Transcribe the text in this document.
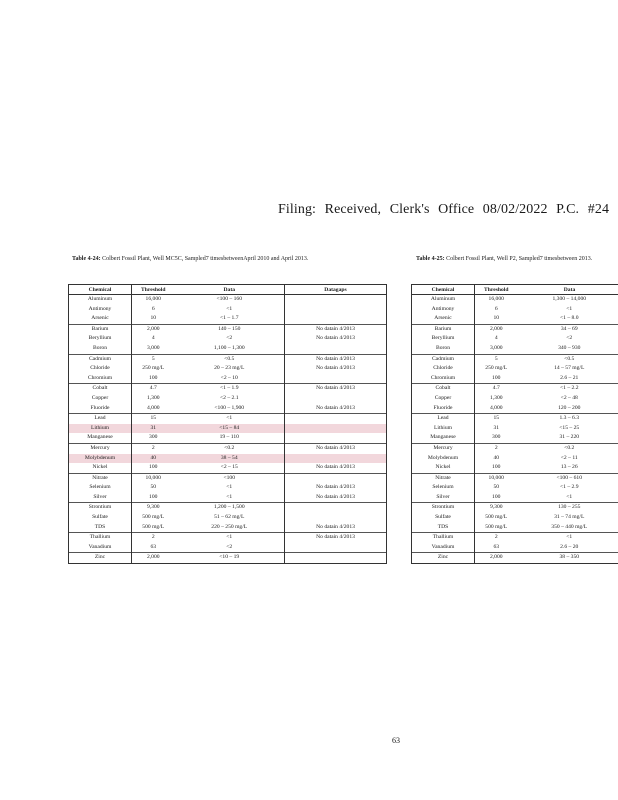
Filing: Received, Clerk's Office 08/02/2022 P.C. #24
Table 4-24: Colbert Fossil Plant, Well MC5C, Sampled7 timesbetweenApril 2010 and April 2013.	Table 4-25: Colbert Fossil Plant, Well P2, Sampled7 timesbetween 2013.
Chemical	Threshold	Data	Datagaps
Aluminum	16,000	<100 – 160	
Antimony	6	<1	
Arsenic	10	<1 – 1.7	
Barium	2,000	140 – 150	No datain 4/2013
Beryllium	4	<2	No datain 4/2013
Boron	3,000	1,100 – 1,300	
Cadmium	5	<0.5	No datain 4/2013
Chloride	250 mg/L	20 – 23 mg/L	No datain 4/2013
Chromium	100	<2 – 10	
Cobalt	4.7	<1 – 1.9	No datain 4/2013
Copper	1,300	<2 – 2.1	
Fluoride	4,000	<100 – 1,900	No datain 4/2013
Lead	15	<1	
Lithium	31	<15 – 84	
Manganese	300	19 – 110	
Mercury	2	<0.2	No datain 4/2013
Molybdenum	40	38 – 54	
Nickel	100	<2 – 15	No datain 4/2013
Nitrate	10,000	<100	
Selenium	50	<1	No datain 4/2013
Silver	100	<1	No datain 4/2013
Strontium	9,300	1,200 – 1,500	
Sulfate	500 mg/L	51 – 62 mg/L	
TDS	500 mg/L	220 – 250 mg/L	No datain 4/2013
Thallium	2	<1	No datain 4/2013
Vanadium	63	<2	
Zinc	2,000	<10 – 19	
Chemical	Threshold	Data
Aluminum	16,000	1,300 – 14,000
Antimony	6	<1
Arsenic	10	<1 – 8.0
Barium	2,000	34 – 69
Beryllium	4	<2
Boron	3,000	340 – 930
Cadmium	5	<0.5
Chloride	250 mg/L	14 – 57 mg/L
Chromium	100	2.6 – 21
Cobalt	4.7	<1 – 2.2
Copper	1,300	<2 – 48
Fluoride	4,000	120 – 200
Lead	15	1.3 – 6.3
Lithium	31	<15 – 25
Manganese	300	31 – 220
Mercury	2	<0.2
Molybdenum	40	<2 – 11
Nickel	100	13 – 26
Nitrate	10,000	<100 – 610
Selenium	50	<1 – 2.9
Silver	100	<1
Strontium	9,300	130 – 255
Sulfate	500 mg/L	31 – 74 mg/L
TDS	500 mg/L	350 – 440 mg/L
Thallium	2	<1
Vanadium	63	2.6 – 20
Zinc	2,000	38 – 350
63
